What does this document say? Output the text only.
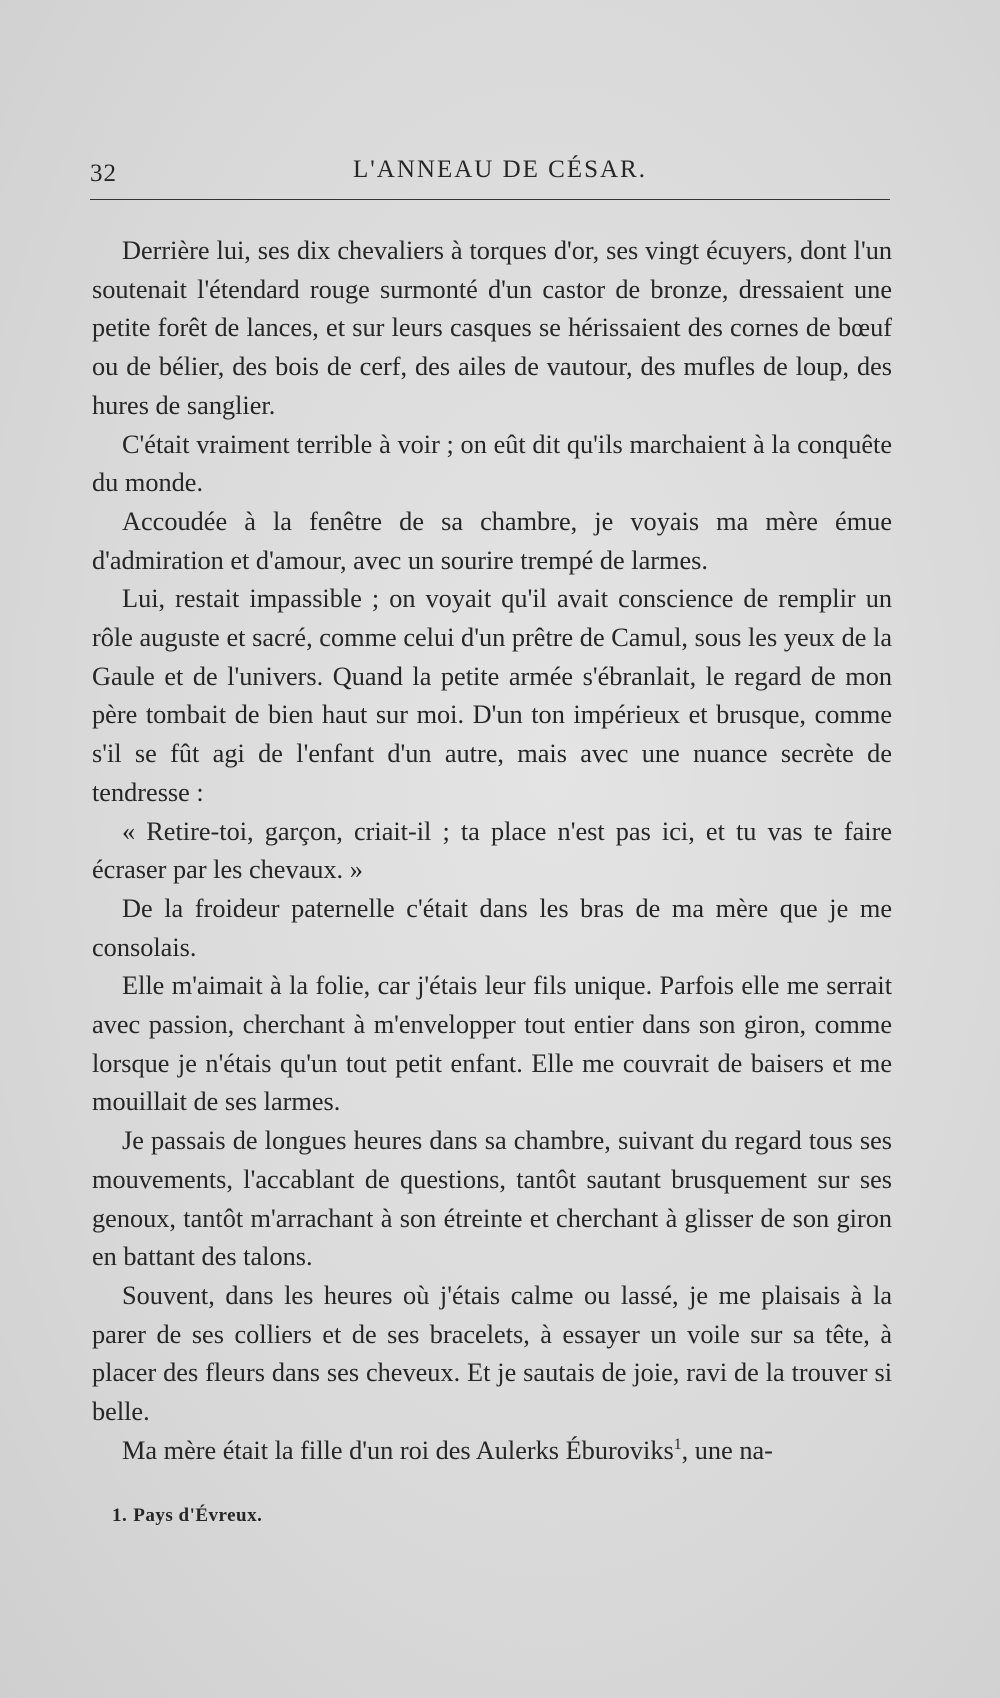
32	L'ANNEAU DE CÉSAR.

Derrière lui, ses dix chevaliers à torques d'or, ses vingt écuyers, dont l'un soutenait l'étendard rouge surmonté d'un castor de bronze, dressaient une petite forêt de lances, et sur leurs casques se hérissaient des cornes de bœuf ou de bélier, des bois de cerf, des ailes de vautour, des mufles de loup, des hures de sanglier.

C'était vraiment terrible à voir ; on eût dit qu'ils marchaient à la conquête du monde.

Accoudée à la fenêtre de sa chambre, je voyais ma mère émue d'admiration et d'amour, avec un sourire trempé de larmes.

Lui, restait impassible ; on voyait qu'il avait conscience de remplir un rôle auguste et sacré, comme celui d'un prêtre de Camul, sous les yeux de la Gaule et de l'univers. Quand la petite armée s'ébranlait, le regard de mon père tombait de bien haut sur moi. D'un ton impérieux et brusque, comme s'il se fût agi de l'enfant d'un autre, mais avec une nuance secrète de tendresse :

« Retire-toi, garçon, criait-il ; ta place n'est pas ici, et tu vas te faire écraser par les chevaux. »

De la froideur paternelle c'était dans les bras de ma mère que je me consolais.

Elle m'aimait à la folie, car j'étais leur fils unique. Parfois elle me serrait avec passion, cherchant à m'envelopper tout entier dans son giron, comme lorsque je n'étais qu'un tout petit enfant. Elle me couvrait de baisers et me mouillait de ses larmes.

Je passais de longues heures dans sa chambre, suivant du regard tous ses mouvements, l'accablant de questions, tantôt sautant brusquement sur ses genoux, tantôt m'arrachant à son étreinte et cherchant à glisser de son giron en battant des talons.

Souvent, dans les heures où j'étais calme ou lassé, je me plaisais à la parer de ses colliers et de ses bracelets, à essayer un voile sur sa tête, à placer des fleurs dans ses cheveux. Et je sautais de joie, ravi de la trouver si belle.

Ma mère était la fille d'un roi des Aulerks Éburoviks$^1$, une na-

1. Pays d'Évreux.
